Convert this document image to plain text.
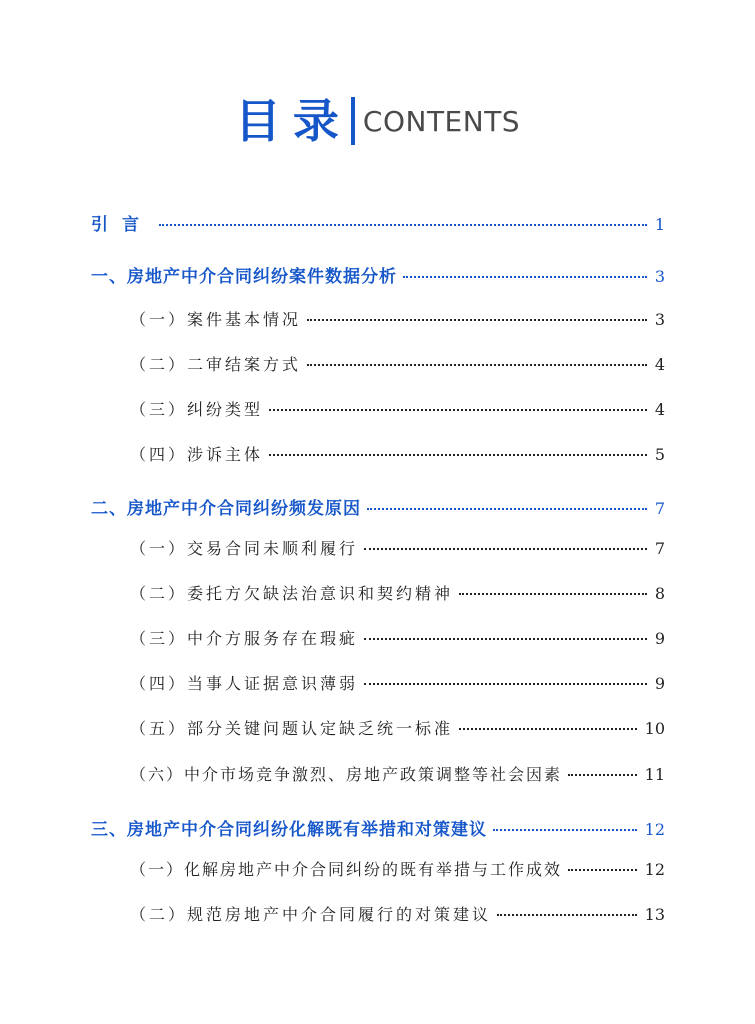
目录 CONTENTS
引言	1
一、房地产中介合同纠纷案件数据分析	3
（一）案件基本情况	3
（二）二审结案方式	4
（三）纠纷类型	4
（四）涉诉主体	5
二、房地产中介合同纠纷频发原因	7
（一）交易合同未顺利履行	7
（二）委托方欠缺法治意识和契约精神	8
（三）中介方服务存在瑕疵	9
（四）当事人证据意识薄弱	9
（五）部分关键问题认定缺乏统一标准	10
（六）中介市场竞争激烈、房地产政策调整等社会因素	11
三、房地产中介合同纠纷化解既有举措和对策建议	12
（一）化解房地产中介合同纠纷的既有举措与工作成效	12
（二）规范房地产中介合同履行的对策建议	13
